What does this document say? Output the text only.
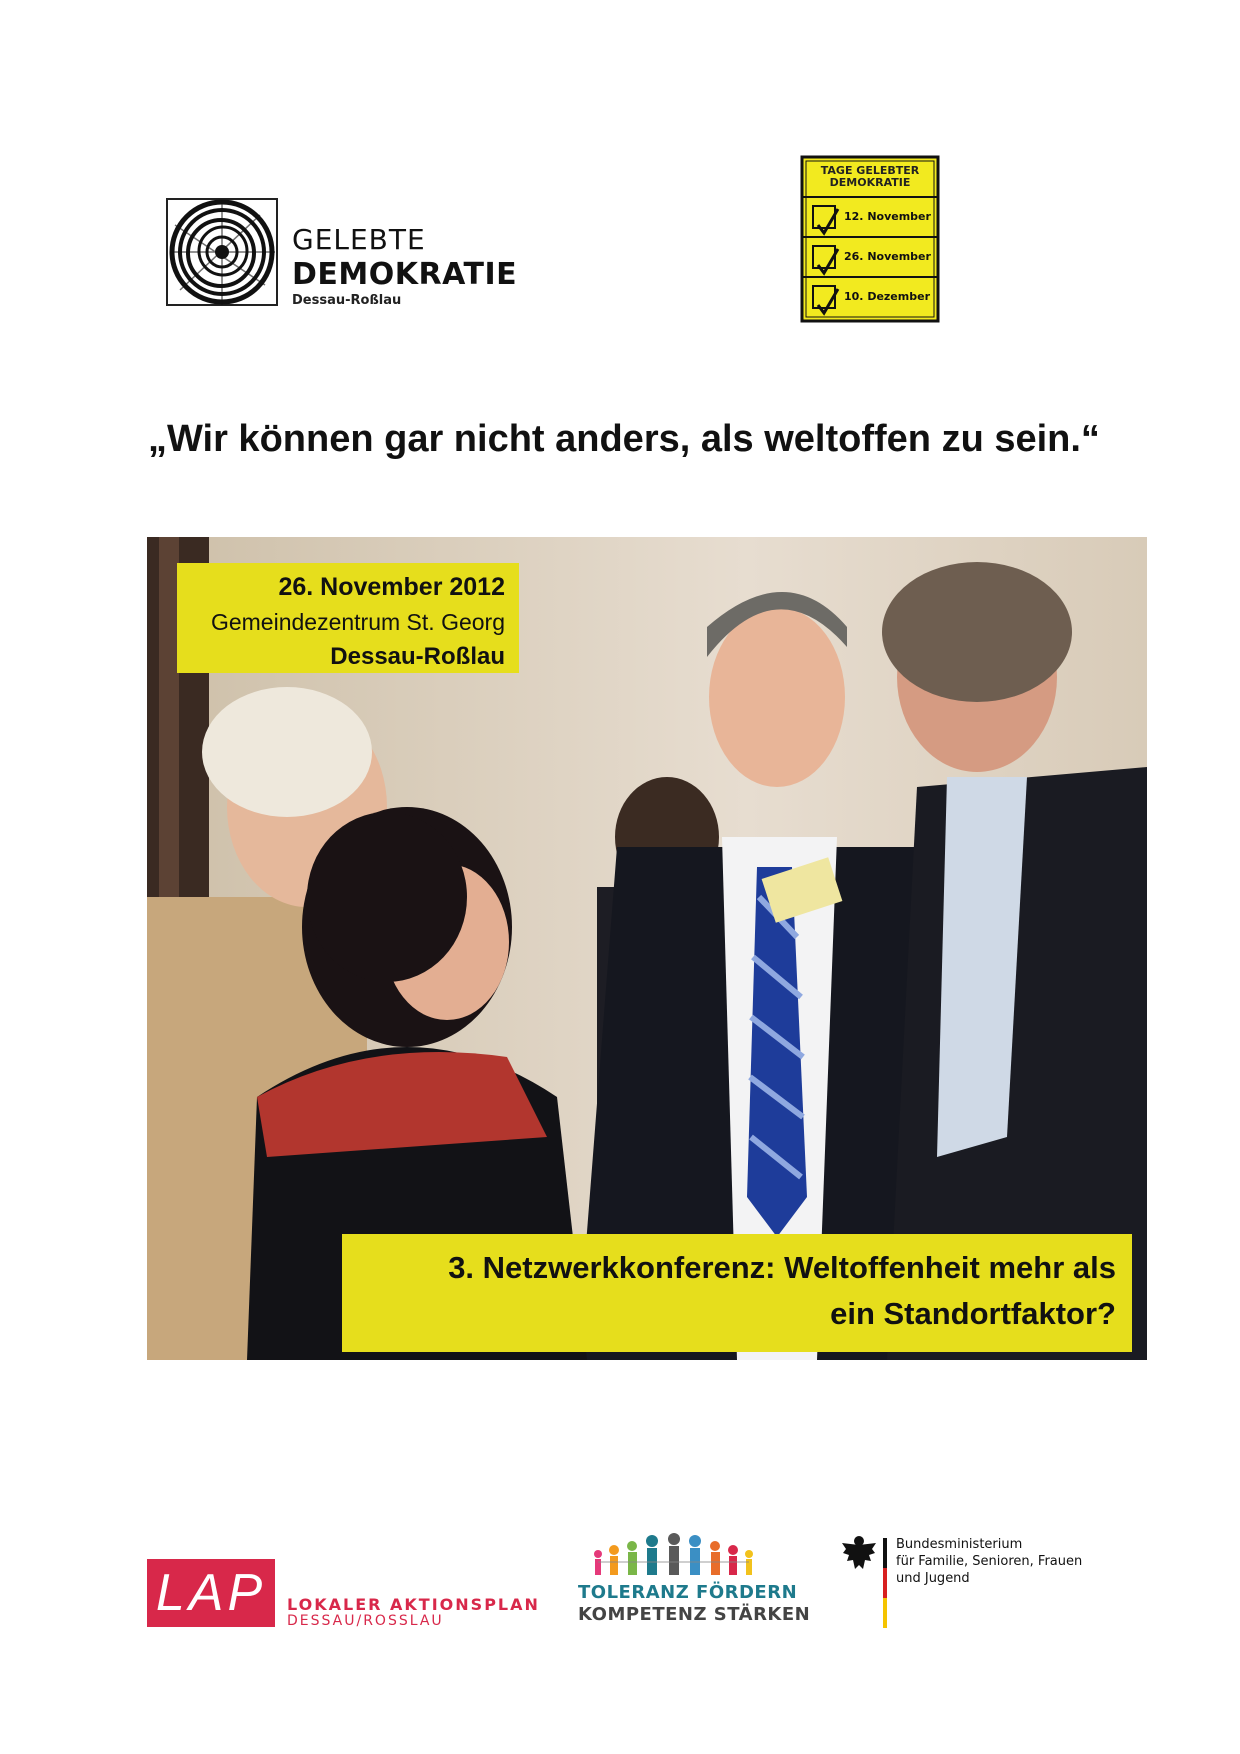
GELEBTE
DEMOKRATIE
Dessau-Roßlau
TAGE GELEBTER
DEMOKRATIE
12. November
26. November
10. Dezember
„Wir können gar nicht anders, als weltoffen zu sein.“
26. November 2012
Gemeindezentrum St. Georg
Dessau-Roßlau
3. Netzwerkkonferenz: Weltoffenheit mehr als
ein Standortfaktor?
LAP	LOKALER AKTIONSPLAN
DESSAU/ROSSLAU
TOLERANZ FÖRDERN
KOMPETENZ STÄRKEN
Bundesministerium
für Familie, Senioren, Frauen
und Jugend
